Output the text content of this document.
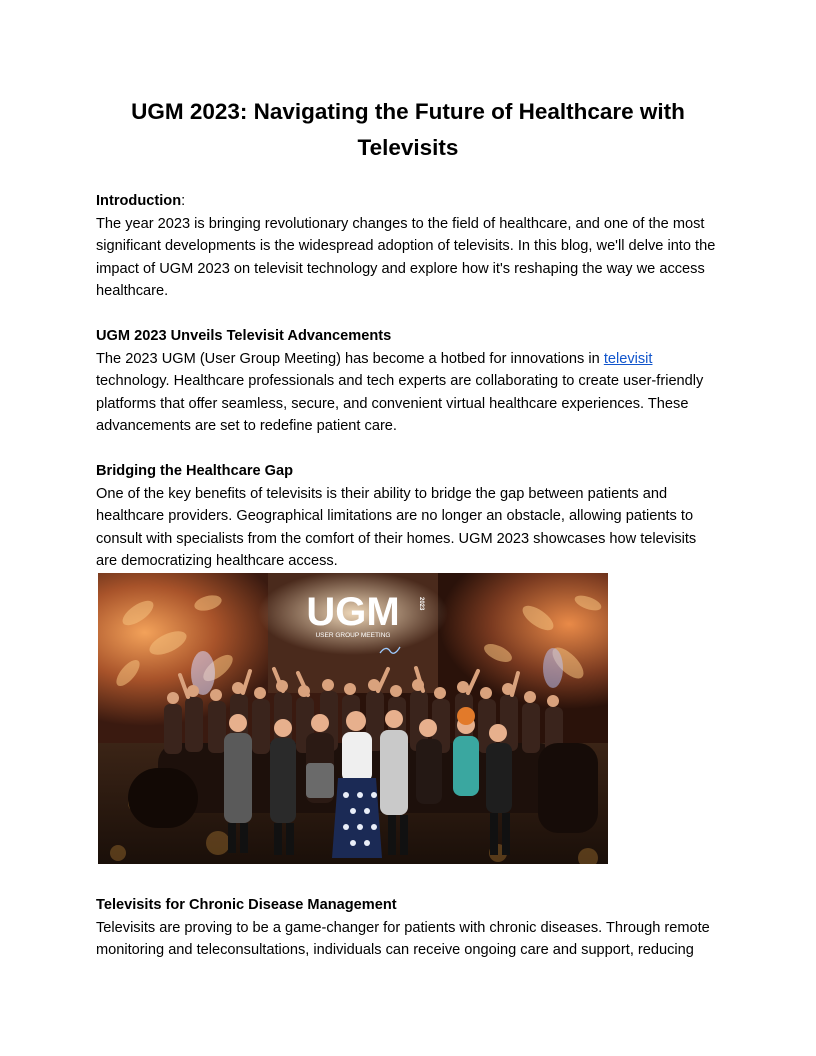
UGM 2023: Navigating the Future of Healthcare with Televisits

Introduction:

The year 2023 is bringing revolutionary changes to the field of healthcare, and one of the most significant developments is the widespread adoption of televisits. In this blog, we'll delve into the impact of UGM 2023 on televisit technology and explore how it's reshaping the way we access healthcare.

UGM 2023 Unveils Televisit Advancements

The 2023 UGM (User Group Meeting) has become a hotbed for innovations in televisit technology. Healthcare professionals and tech experts are collaborating to create user-friendly platforms that offer seamless, secure, and convenient virtual healthcare experiences. These advancements are set to redefine patient care.

Bridging the Healthcare Gap

One of the key benefits of televisits is their ability to bridge the gap between patients and healthcare providers. Geographical limitations are no longer an obstacle, allowing patients to consult with specialists from the comfort of their homes. UGM 2023 showcases how televisits are democratizing healthcare access.

UGM
USER GROUP MEETING
2023

Televisits for Chronic Disease Management

Televisits are proving to be a game-changer for patients with chronic diseases. Through remote monitoring and teleconsultations, individuals can receive ongoing care and support, reducing
